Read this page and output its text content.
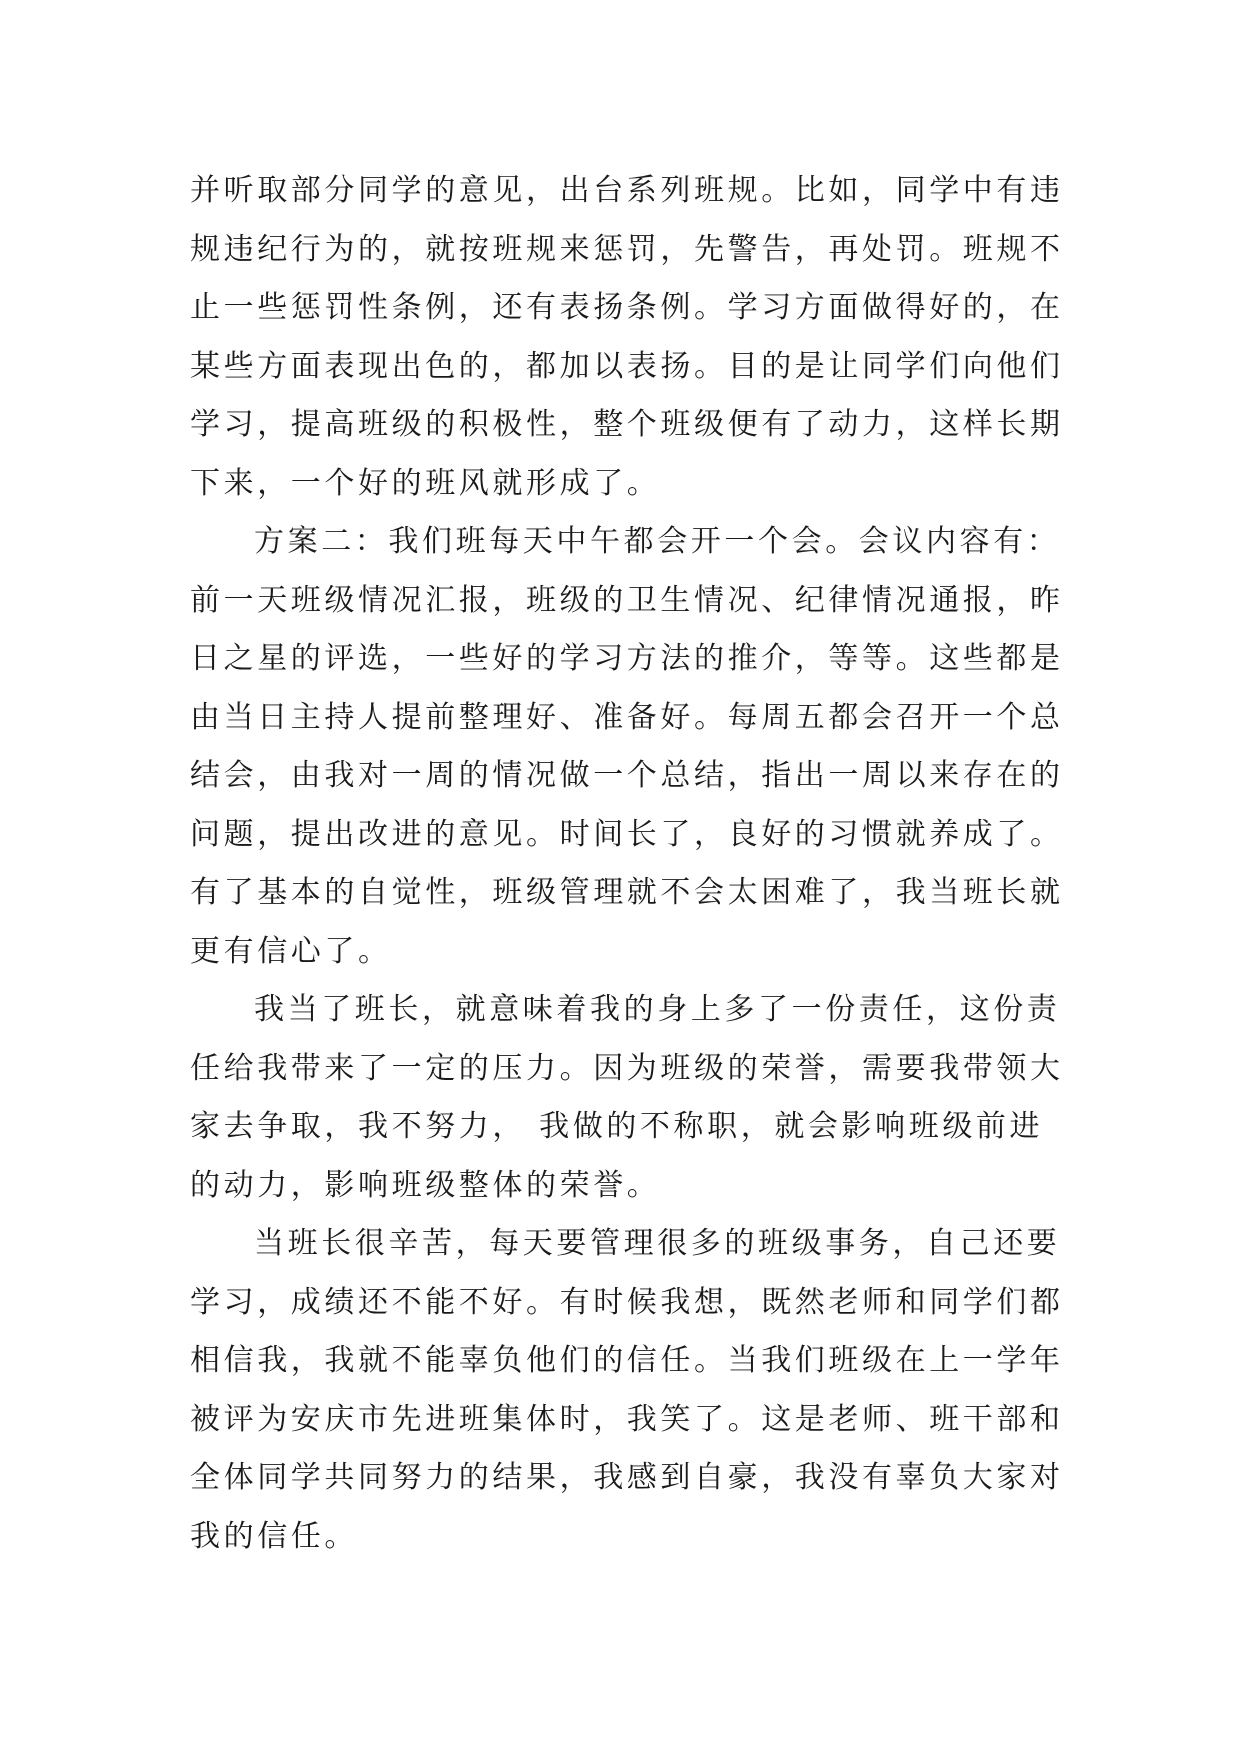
并听取部分同学的意见，出台系列班规。比如，同学中有违
规违纪行为的，就按班规来惩罚，先警告，再处罚。班规不
止一些惩罚性条例，还有表扬条例。学习方面做得好的，在
某些方面表现出色的，都加以表扬。目的是让同学们向他们
学习，提高班级的积极性，整个班级便有了动力，这样长期
下来，一个好的班风就形成了。
方案二：我们班每天中午都会开一个会。会议内容有：
前一天班级情况汇报，班级的卫生情况、纪律情况通报，昨
日之星的评选，一些好的学习方法的推介，等等。这些都是
由当日主持人提前整理好、准备好。每周五都会召开一个总
结会，由我对一周的情况做一个总结，指出一周以来存在的
问题，提出改进的意见。时间长了，良好的习惯就养成了。
有了基本的自觉性，班级管理就不会太困难了，我当班长就
更有信心了。
我当了班长，就意味着我的身上多了一份责任，这份责
任给我带来了一定的压力。因为班级的荣誉，需要我带领大
家去争取，我不努力， 我做的不称职，就会影响班级前进
的动力，影响班级整体的荣誉。
当班长很辛苦，每天要管理很多的班级事务，自己还要
学习，成绩还不能不好。有时候我想，既然老师和同学们都
相信我，我就不能辜负他们的信任。当我们班级在上一学年
被评为安庆市先进班集体时，我笑了。这是老师、班干部和
全体同学共同努力的结果，我感到自豪，我没有辜负大家对
我的信任。
